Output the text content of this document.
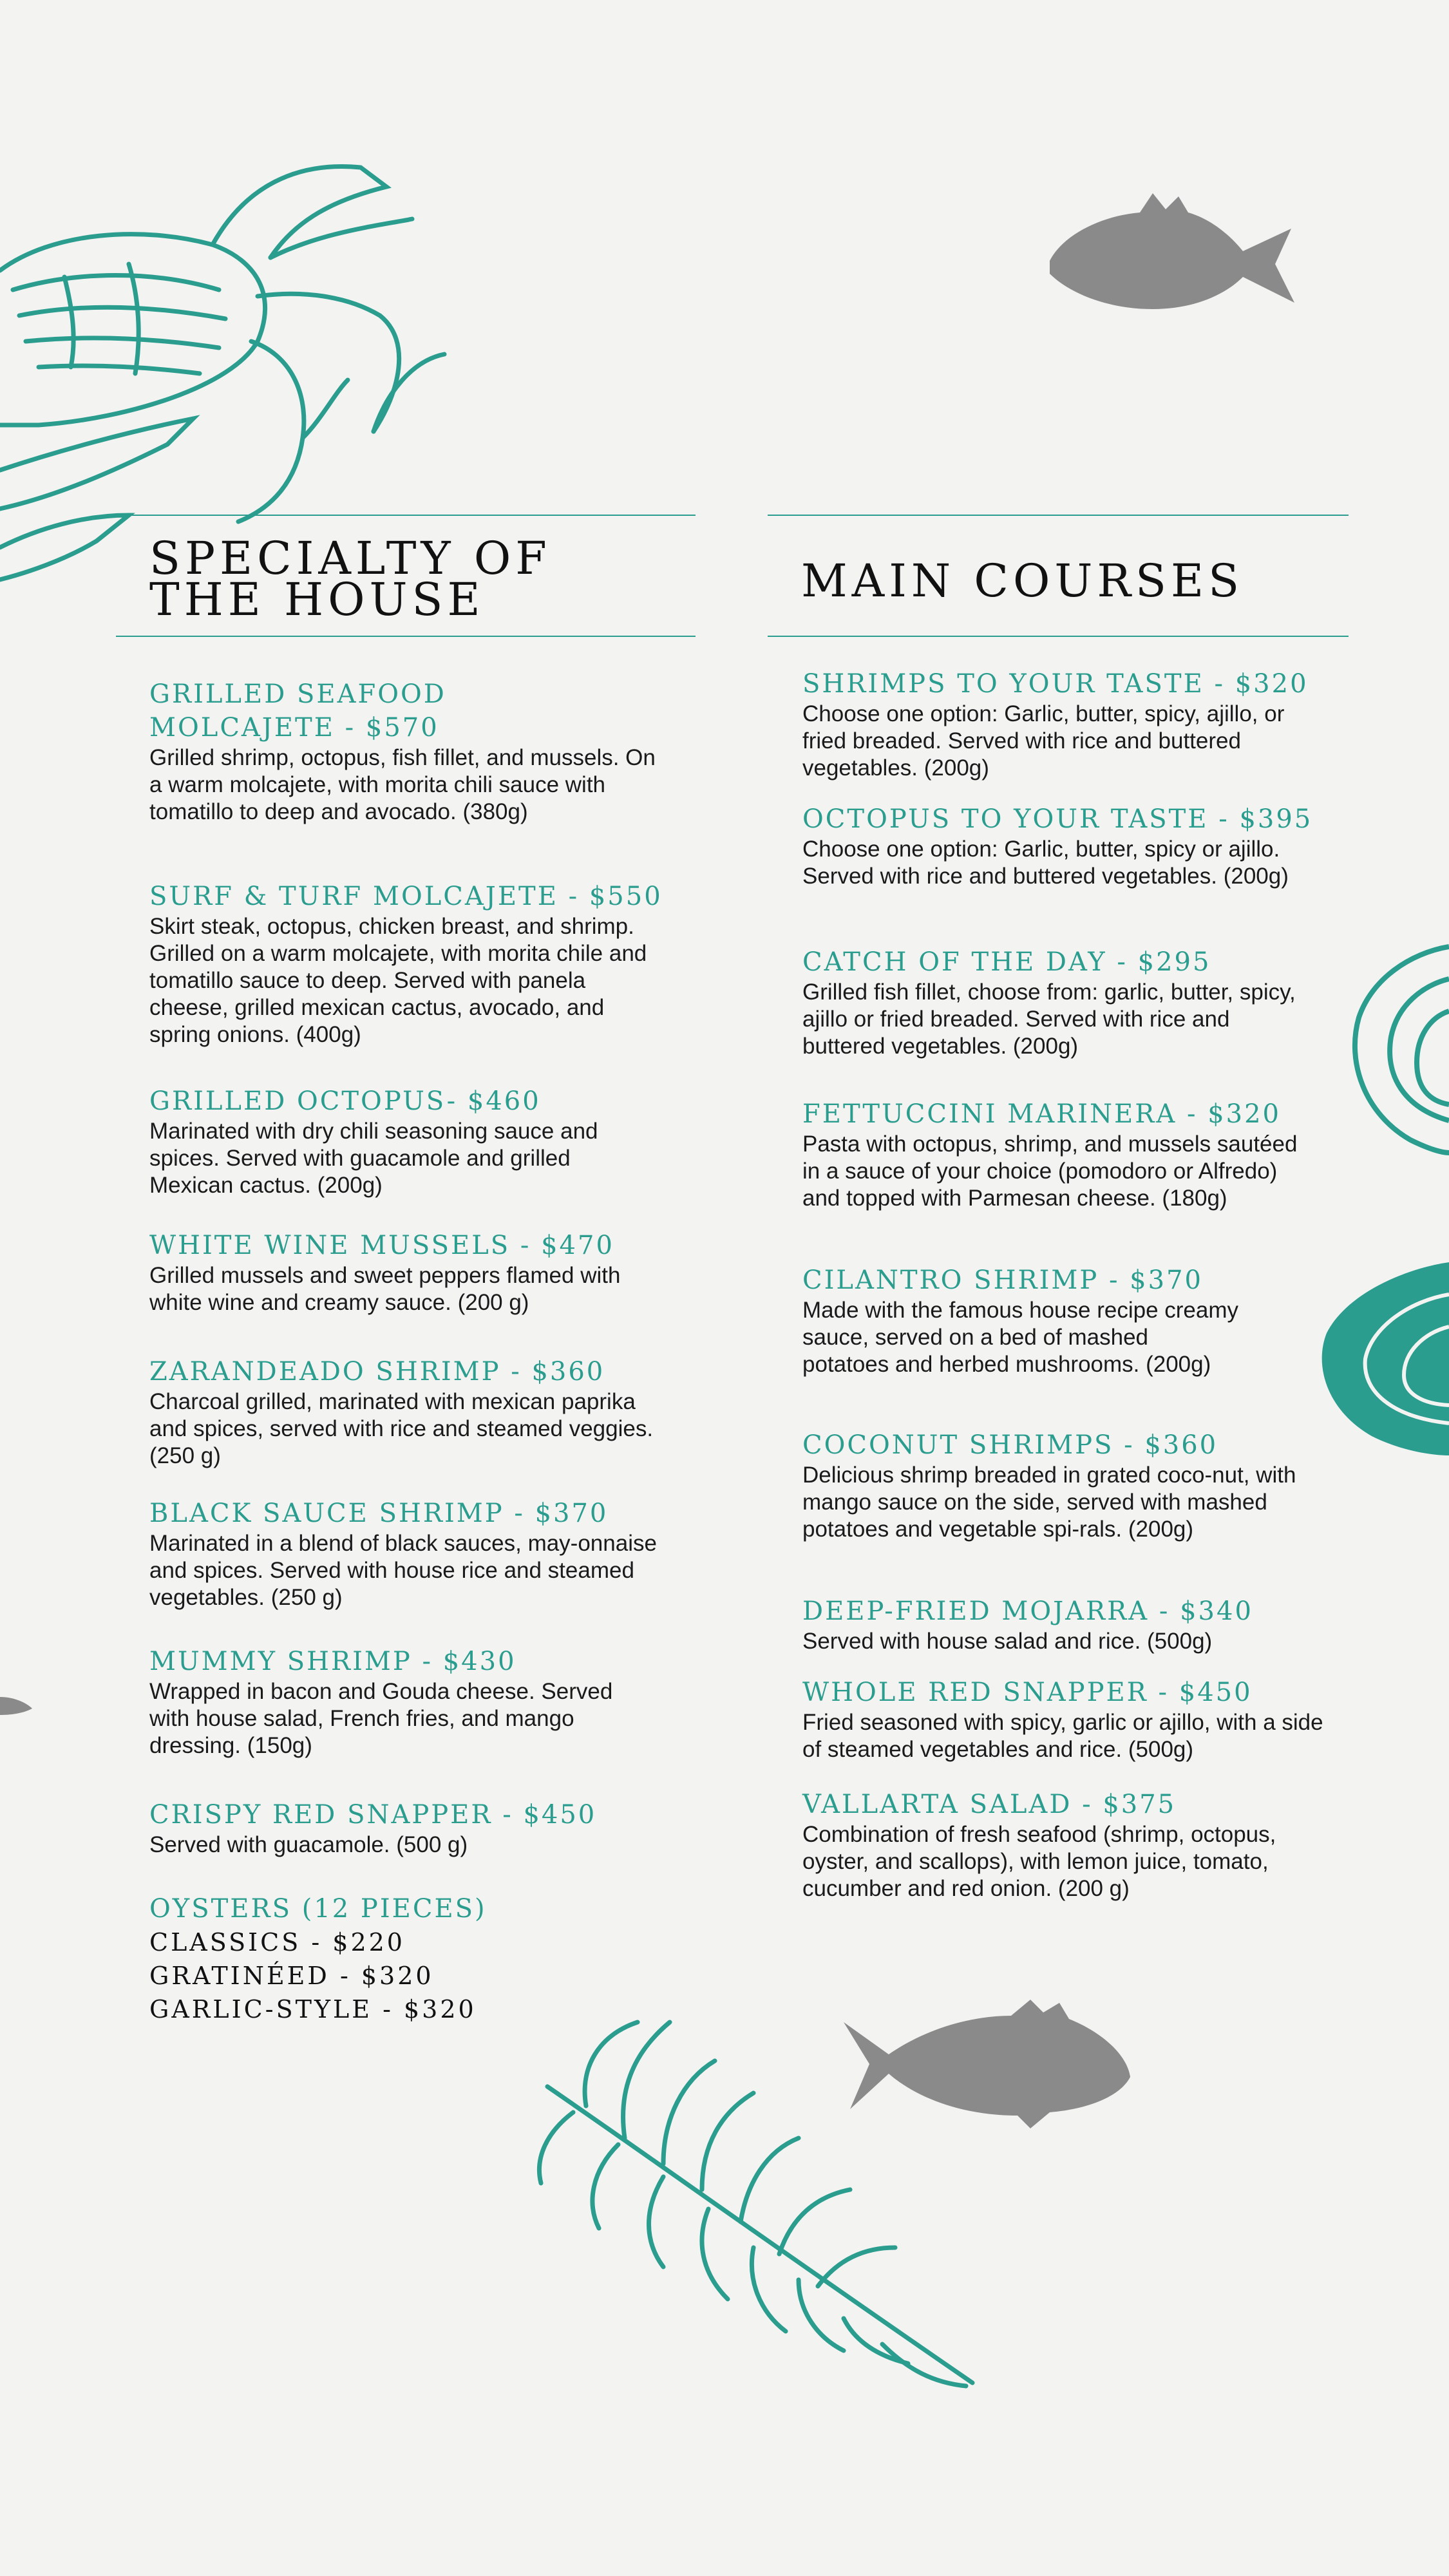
SPECIALTY OF
THE HOUSE
GRILLED SEAFOOD MOLCAJETE - $570
Grilled shrimp, octopus, fish fillet, and mussels. On a warm molcajete, with morita chili sauce with tomatillo to deep and avocado. (380g)
SURF & TURF MOLCAJETE - $550
Skirt steak, octopus, chicken breast, and shrimp. Grilled on a warm molcajete, with morita chile and tomatillo sauce to deep. Served with panela cheese, grilled mexican cactus, avocado, and spring onions. (400g)
GRILLED OCTOPUS- $460
Marinated with dry chili seasoning sauce and spices. Served with guacamole and grilled Mexican cactus. (200g)
WHITE WINE MUSSELS - $470
Grilled mussels and sweet peppers flamed with white wine and creamy sauce. (200 g)
ZARANDEADO SHRIMP - $360
Charcoal grilled, marinated with mexican paprika and spices, served with rice and steamed veggies. (250 g)
BLACK SAUCE SHRIMP - $370
Marinated in a blend of black sauces, may-onnaise and spices. Served with house rice and steamed vegetables. (250 g)
MUMMY SHRIMP - $430
Wrapped in bacon and Gouda cheese. Served with house salad, French fries, and mango dressing. (150g)
CRISPY RED SNAPPER - $450
Served with guacamole. (500 g)
OYSTERS (12 PIECES)
CLASSICS - $220
GRATINÉED - $320
GARLIC-STYLE - $320
MAIN COURSES
SHRIMPS TO YOUR TASTE - $320
Choose one option: Garlic, butter, spicy, ajillo, or fried breaded. Served with rice and buttered vegetables. (200g)
OCTOPUS TO YOUR TASTE - $395
Choose one option: Garlic, butter, spicy or ajillo. Served with rice and buttered vegetables. (200g)
CATCH OF THE DAY - $295
Grilled fish fillet, choose from: garlic, butter, spicy, ajillo or fried breaded. Served with rice and buttered vegetables. (200g)
FETTUCCINI MARINERA - $320
Pasta with octopus, shrimp, and mussels sautéed in a sauce of your choice (pomodoro or Alfredo) and topped with Parmesan cheese. (180g)
CILANTRO SHRIMP - $370
Made with the famous house recipe creamy sauce, served on a bed of mashed potatoes and herbed mushrooms. (200g)
COCONUT SHRIMPS - $360
Delicious shrimp breaded in grated coco-nut, with mango sauce on the side, served with mashed potatoes and vegetable spi-rals. (200g)
DEEP-FRIED MOJARRA - $340
Served with house salad and rice. (500g)
WHOLE RED SNAPPER - $450
Fried seasoned with spicy, garlic or ajillo, with a side of steamed vegetables and rice. (500g)
VALLARTA SALAD - $375
Combination of fresh seafood (shrimp, octopus, oyster, and scallops), with lemon juice, tomato, cucumber and red onion. (200 g)
